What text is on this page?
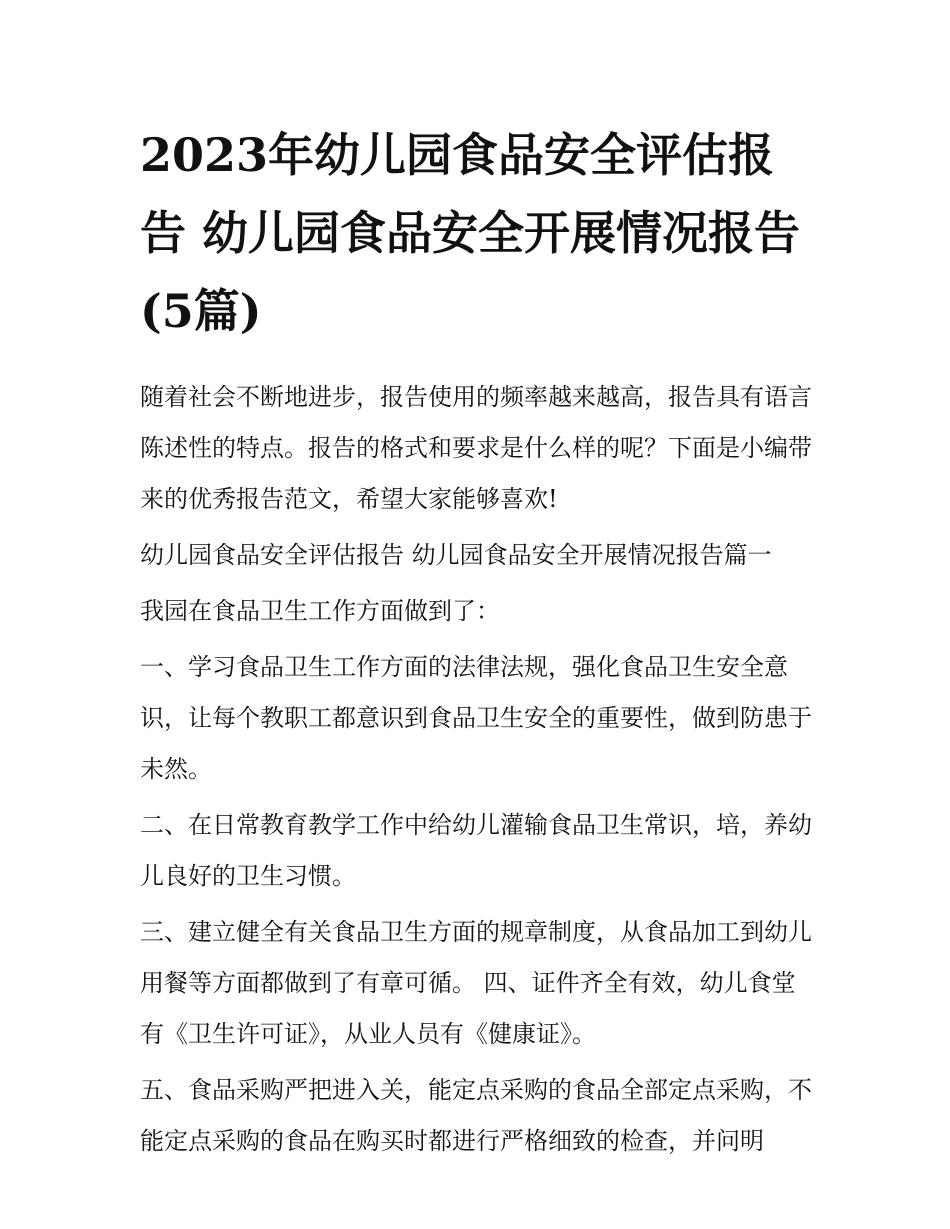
2023年幼儿园食品安全评估报告 幼儿园食品安全开展情况报告(5篇)

随着社会不断地进步，报告使用的频率越来越高，报告具有语言陈述性的特点。报告的格式和要求是什么样的呢？下面是小编带来的优秀报告范文，希望大家能够喜欢!

幼儿园食品安全评估报告 幼儿园食品安全开展情况报告篇一

我园在食品卫生工作方面做到了：

一、学习食品卫生工作方面的法律法规，强化食品卫生安全意识，让每个教职工都意识到食品卫生安全的重要性，做到防患于未然。

二、在日常教育教学工作中给幼儿灌输食品卫生常识，培，养幼儿良好的卫生习惯。

三、建立健全有关食品卫生方面的规章制度，从食品加工到幼儿用餐等方面都做到了有章可循。 四、证件齐全有效，幼儿食堂有《卫生许可证》，从业人员有《健康证》。

五、食品采购严把进入关，能定点采购的食品全部定点采购，不能定点采购的食品在购买时都进行严格细致的检查，并问明
